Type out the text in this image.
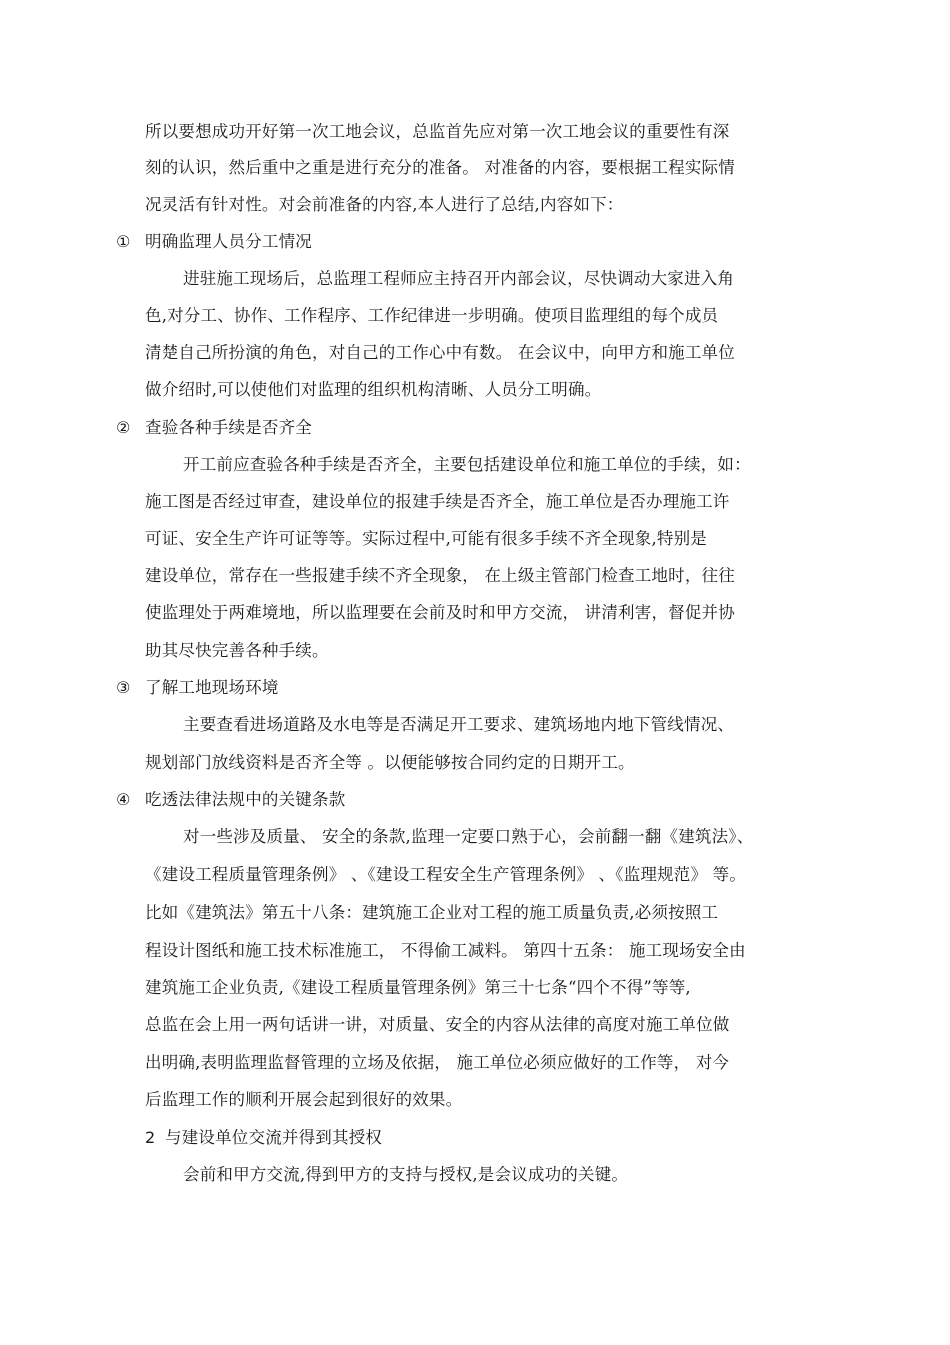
所以要想成功开好第一次工地会议，总监首先应对第一次工地会议的重要性有深
刻的认识，然后重中之重是进行充分的准备。 对准备的内容，要根据工程实际情
况灵活有针对性。对会前准备的内容,本人进行了总结,内容如下：
① 明确监理人员分工情况
进驻施工现场后，总监理工程师应主持召开内部会议，尽快调动大家进入角
色,对分工、协作、工作程序、工作纪律进一步明确。使项目监理组的每个成员
清楚自己所扮演的角色，对自己的工作心中有数。 在会议中，向甲方和施工单位
做介绍时,可以使他们对监理的组织机构清晰、人员分工明确。
② 查验各种手续是否齐全
开工前应查验各种手续是否齐全，主要包括建设单位和施工单位的手续，如：
施工图是否经过审查，建设单位的报建手续是否齐全，施工单位是否办理施工许
可证、安全生产许可证等等。实际过程中,可能有很多手续不齐全现象,特别是
建设单位，常存在一些报建手续不齐全现象， 在上级主管部门检查工地时，往往
使监理处于两难境地，所以监理要在会前及时和甲方交流， 讲清利害，督促并协
助其尽快完善各种手续。
③ 了解工地现场环境
主要查看进场道路及水电等是否满足开工要求、建筑场地内地下管线情况、
规划部门放线资料是否齐全等 。以便能够按合同约定的日期开工。
④ 吃透法律法规中的关键条款
对一些涉及质量、 安全的条款,监理一定要口熟于心，会前翻一翻《建筑法》、
《建设工程质量管理条例》 、《建设工程安全生产管理条例》 、《监理规范》 等。
比如《建筑法》第五十八条：建筑施工企业对工程的施工质量负责,必须按照工
程设计图纸和施工技术标准施工， 不得偷工减料。 第四十五条： 施工现场安全由
建筑施工企业负责,《建设工程质量管理条例》第三十七条“四个不得”等等,
总监在会上用一两句话讲一讲，对质量、安全的内容从法律的高度对施工单位做
出明确,表明监理监督管理的立场及依据， 施工单位必须应做好的工作等， 对今
后监理工作的顺利开展会起到很好的效果。
2 与建设单位交流并得到其授权
会前和甲方交流,得到甲方的支持与授权,是会议成功的关键。
